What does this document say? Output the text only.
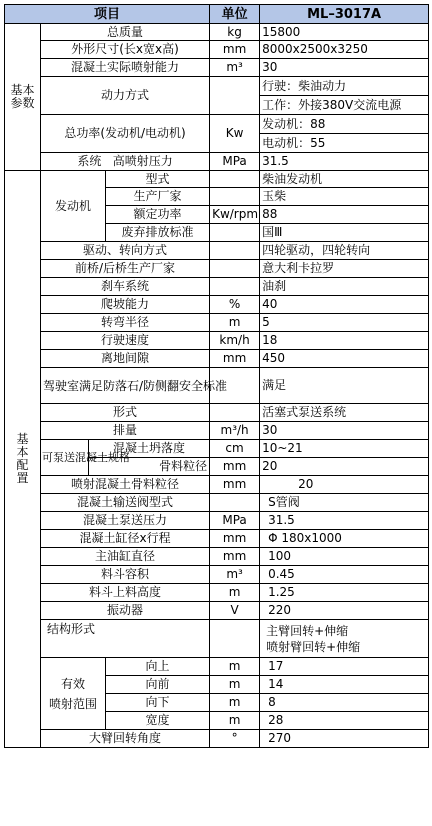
项目				单位	ML–3017A
基本
参数	总质量			kg	15800
	外形尺寸(长x宽x高)			mm	8000x2500x3250
	混凝土实际喷射能力			m³	30
	动力方式				行驶：柴油动力
					工作：外接380V交流电源
	总功率(发动机/电动机)			Kw	发动机：88
					电动机：55
	系统   高喷射压力			MPa	31.5
基
本
配
置	发动机		型式		柴油发动机
			生产厂家		玉柴
			额定功率	Kw/rpm	88
			废弃排放标准		国Ⅲ
	驱动、转向方式				四轮驱动，四轮转向
	前桥/后桥生产厂家				意大利卡拉罗
	刹车系统				油刹
	爬坡能力			%	40
	转弯半径			m	5
	行驶速度			km/h	18
	离地间隙			mm	450
	驾驶室满足防落石/防侧翻安全标准				满足

	形式				活塞式泵送系统
	排量			m³/h	30
	可泵送混凝土规格	混凝土坍落度		cm	10~21
		骨料粒径		mm	20
	喷射混凝土骨料粒径			mm	20
	混凝土输送阀型式				S管阀
	混凝土泵送压力			MPa	31.5
	混凝土缸径x行程			mm	Φ 180x1000
	主油缸直径			mm	100
	料斗容积			m³	0.45
	料斗上料高度			m	1.25
	振动器			V	220
	结构形式				主臂回转+伸缩
喷射臂回转+伸缩

	有效
喷射范围		向上	m	17
			向前	m	14
			向下	m	8
			宽度	m	28
	大臂回转角度			°	270
